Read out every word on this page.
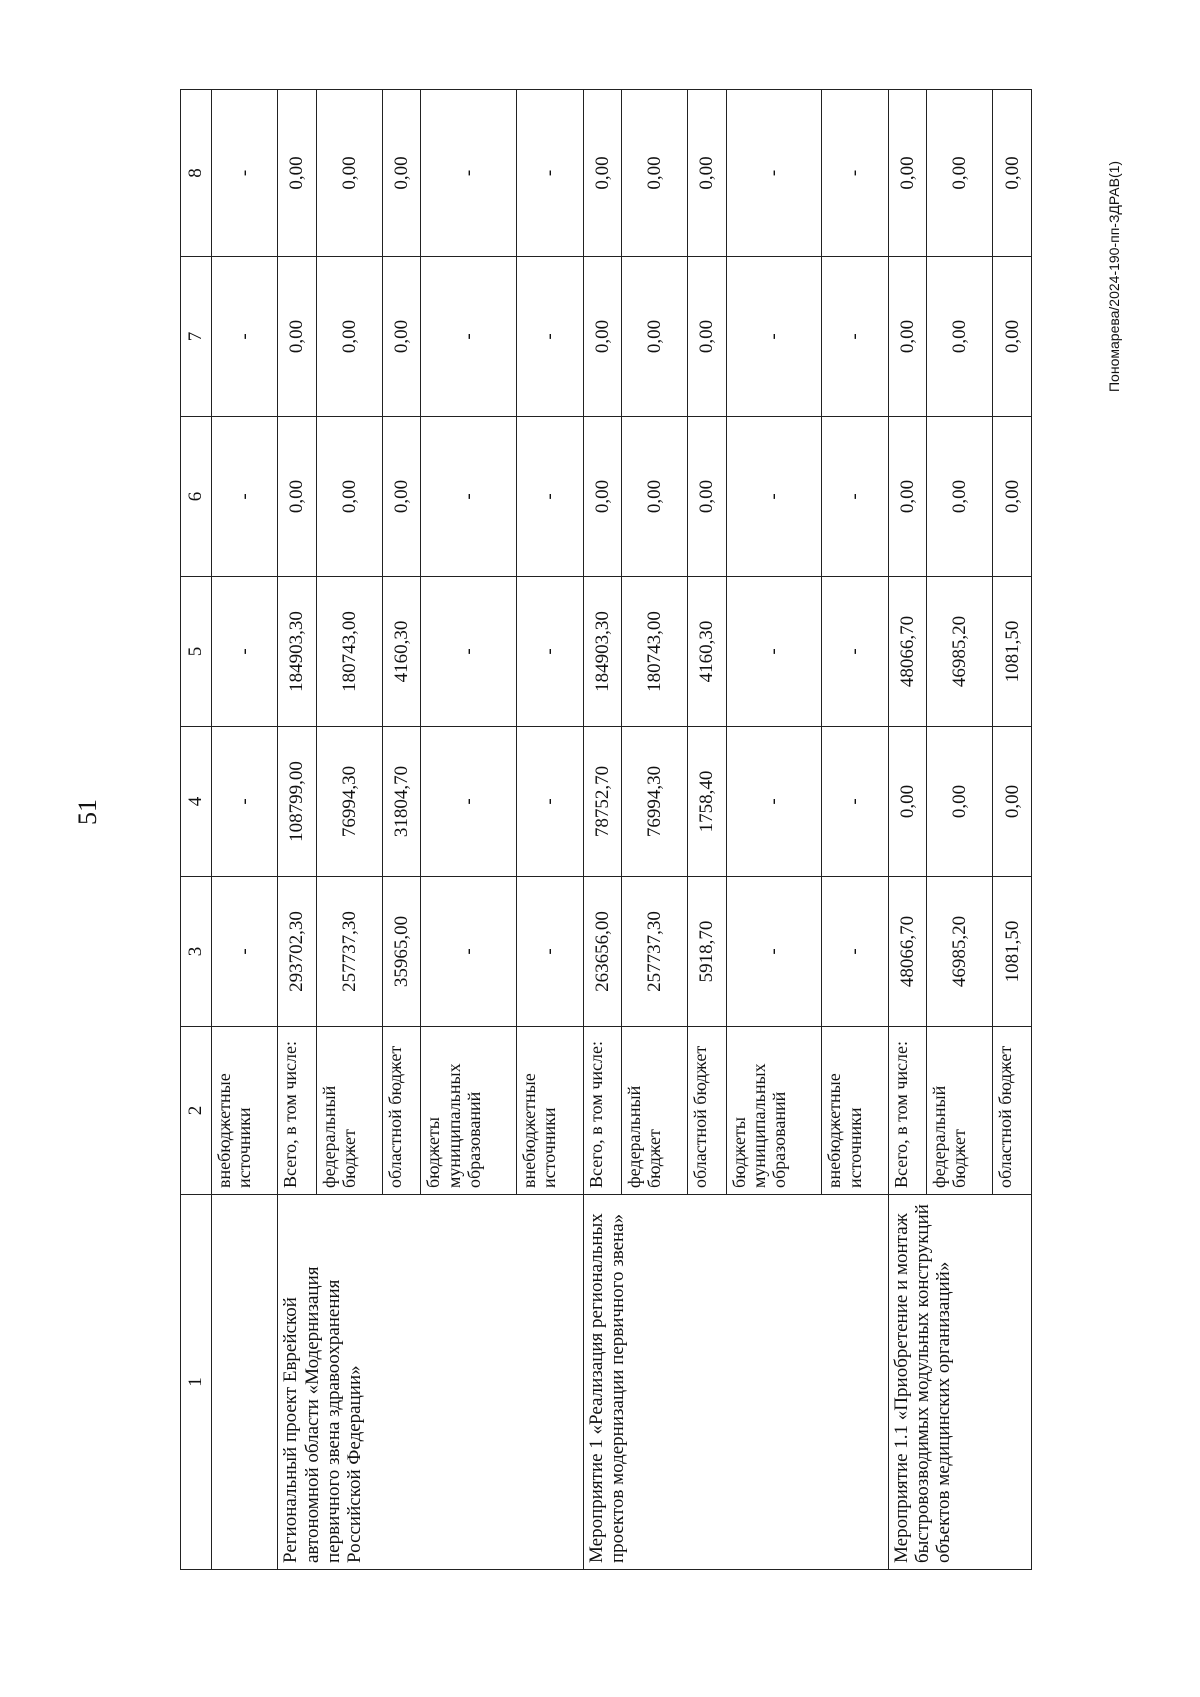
51
Пономарева/2024-190-пп-ЗДРАВ(1)
1	2	3	4	5	6	7	8
	внебюджетные источники	-	-	-	-	-	-
Региональный проект Еврейской автономной области «Модернизация первичного звена здравоохранения Российской Федерации»	Всего, в том числе:	293702,30	108799,00	184903,30	0,00	0,00	0,00
	федеральный бюджет	257737,30	76994,30	180743,00	0,00	0,00	0,00
	областной бюджет	35965,00	31804,70	4160,30	0,00	0,00	0,00
	бюджеты муниципальных образований	-	-	-	-	-	-
	внебюджетные источники	-	-	-	-	-	-
Мероприятие 1 «Реализация региональных проектов модернизации первичного звена»	Всего, в том числе:	263656,00	78752,70	184903,30	0,00	0,00	0,00
	федеральный бюджет	257737,30	76994,30	180743,00	0,00	0,00	0,00
	областной бюджет	5918,70	1758,40	4160,30	0,00	0,00	0,00
	бюджеты муниципальных образований	-	-	-	-	-	-
	внебюджетные источники	-	-	-	-	-	-
Мероприятие 1.1 «Приобретение и монтаж быстровозводимых модульных конструкций объектов медицинских организаций»	Всего, в том числе:	48066,70	0,00	48066,70	0,00	0,00	0,00
	федеральный бюджет	46985,20	0,00	46985,20	0,00	0,00	0,00
	областной бюджет	1081,50	0,00	1081,50	0,00	0,00	0,00
